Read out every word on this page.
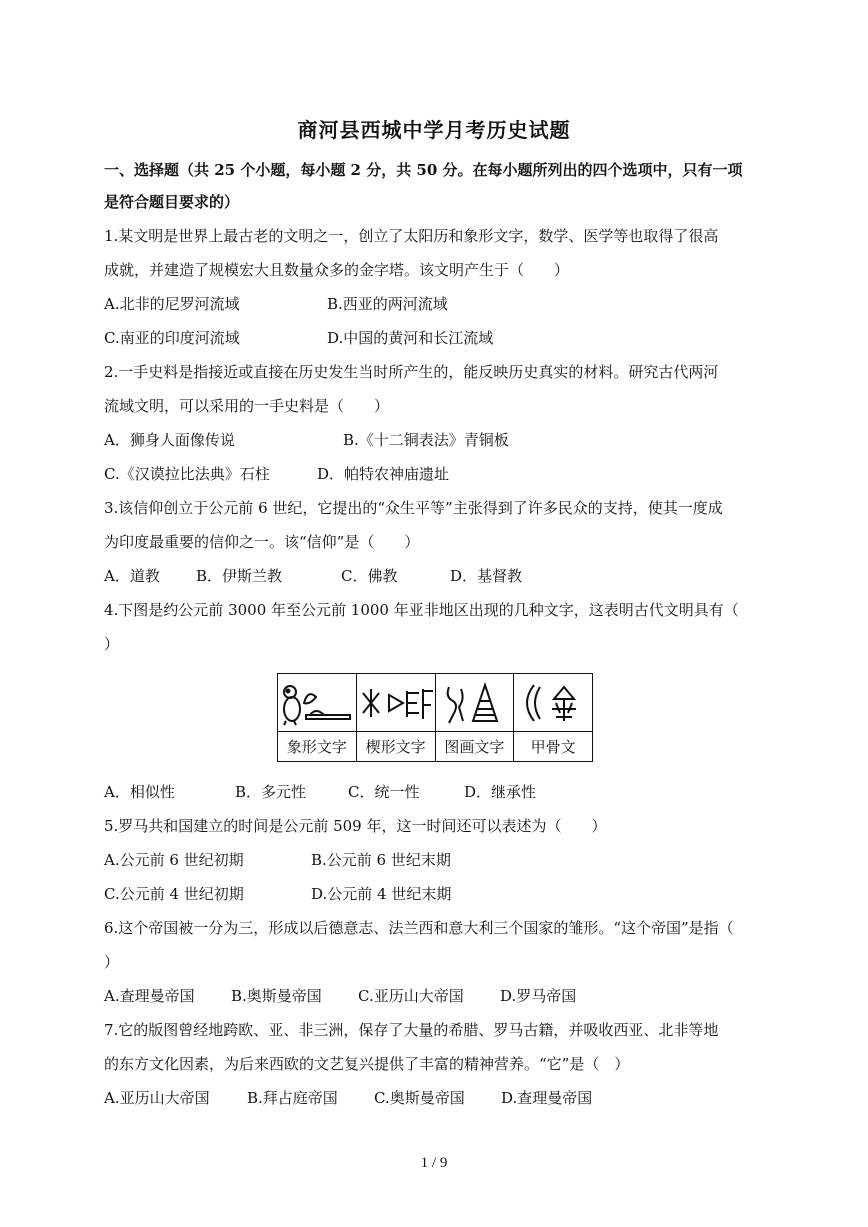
商河县西城中学月考历史试题
一、选择题（共 25 个小题，每小题 2 分，共 50 分。在每小题所列出的四个选项中，只有一项
是符合题目要求的）
1.某文明是世界上最古老的文明之一，创立了太阳历和象形文字，数学、医学等也取得了很高
成就，并建造了规模宏大且数量众多的金字塔。该文明产生于（　　）
A.北非的尼罗河流域	B.西亚的两河流域
C.南亚的印度河流域	D.中国的黄河和长江流域
2.一手史料是指接近或直接在历史发生当时所产生的，能反映历史真实的材料。研究古代两河
流域文明，可以采用的一手史料是（　　）
A．狮身人面像传说	B.《十二铜表法》青铜板
C.《汉谟拉比法典》石柱	D．帕特农神庙遗址
3.该信仰创立于公元前 6 世纪，它提出的“众生平等”主张得到了许多民众的支持，使其一度成
为印度最重要的信仰之一。该“信仰”是（　　）
A．道教 B．伊斯兰教	C．佛教	D．基督教
4.下图是约公元前 3000 年至公元前 1000 年亚非地区出现的几种文字，这表明古代文明具有（
）

象形文字	楔形文字	图画文字	甲骨文
A．相似性	B．多元性	C．统一性	D．继承性
5.罗马共和国建立的时间是公元前 509 年，这一时间还可以表述为（　　）
A.公元前 6 世纪初期	B.公元前 6 世纪末期
C.公元前 4 世纪初期	D.公元前 4 世纪末期
6.这个帝国被一分为三，形成以后德意志、法兰西和意大利三个国家的雏形。“这个帝国”是指（
）
A.查理曼帝国 B.奥斯曼帝国 C.亚历山大帝国 D.罗马帝国
7.它的版图曾经地跨欧、亚、非三洲，保存了大量的希腊、罗马古籍，并吸收西亚、北非等地
的东方文化因素，为后来西欧的文艺复兴提供了丰富的精神营养。“它”是（　）
A.亚历山大帝国 B.拜占庭帝国 C.奥斯曼帝国 D.查理曼帝国
1 / 9
